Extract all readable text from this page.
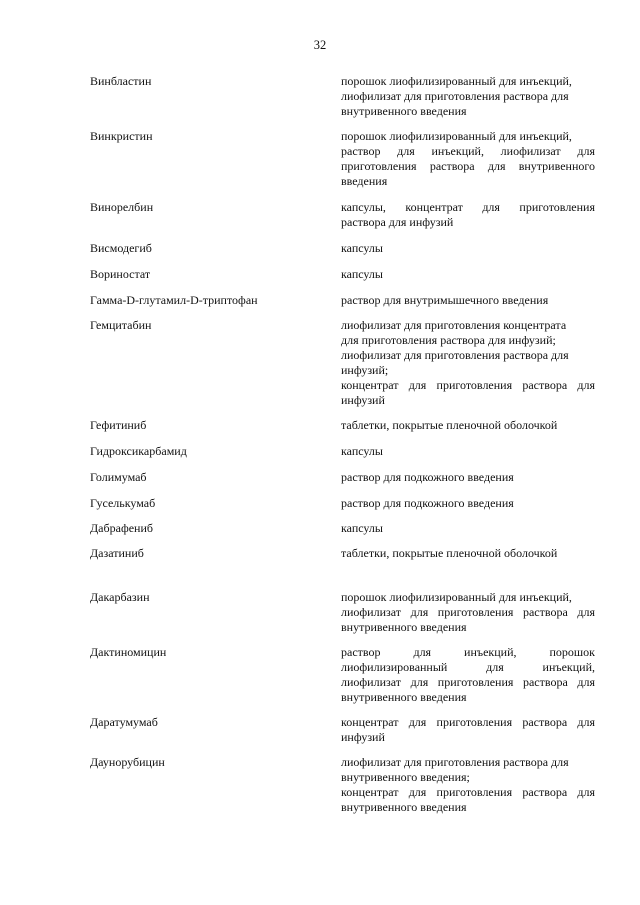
32
Винбластин	порошок лиофилизированный для инъекций,
лиофилизат для приготовления раствора для
внутривенного введения
Винкристин	порошок лиофилизированный для инъекций,
раствор для инъекций, лиофилизат для
приготовления раствора для внутривенного
введения
Винорелбин	капсулы, концентрат для приготовления
раствора для инфузий
Висмодегиб	капсулы
Вориностат	капсулы
Гамма-D-глутамил-D-триптофан	раствор для внутримышечного введения
Гемцитабин	лиофилизат для приготовления концентрата
для приготовления раствора для инфузий;
лиофилизат для приготовления раствора для
инфузий;
концентрат для приготовления раствора для
инфузий
Гефитиниб	таблетки, покрытые пленочной оболочкой
Гидроксикарбамид	капсулы
Голимумаб	раствор для подкожного введения
Гуселькумаб	раствор для подкожного введения
Дабрафениб	капсулы
Дазатиниб	таблетки, покрытые пленочной оболочкой
Дакарбазин	порошок лиофилизированный для инъекций,
лиофилизат для приготовления раствора для
внутривенного введения
Дактиномицин	раствор для инъекций, порошок
лиофилизированный для инъекций,
лиофилизат для приготовления раствора для
внутривенного введения
Даратумумаб	концентрат для приготовления раствора для
инфузий
Даунорубицин	лиофилизат для приготовления раствора для
внутривенного введения;
концентрат для приготовления раствора для
внутривенного введения
